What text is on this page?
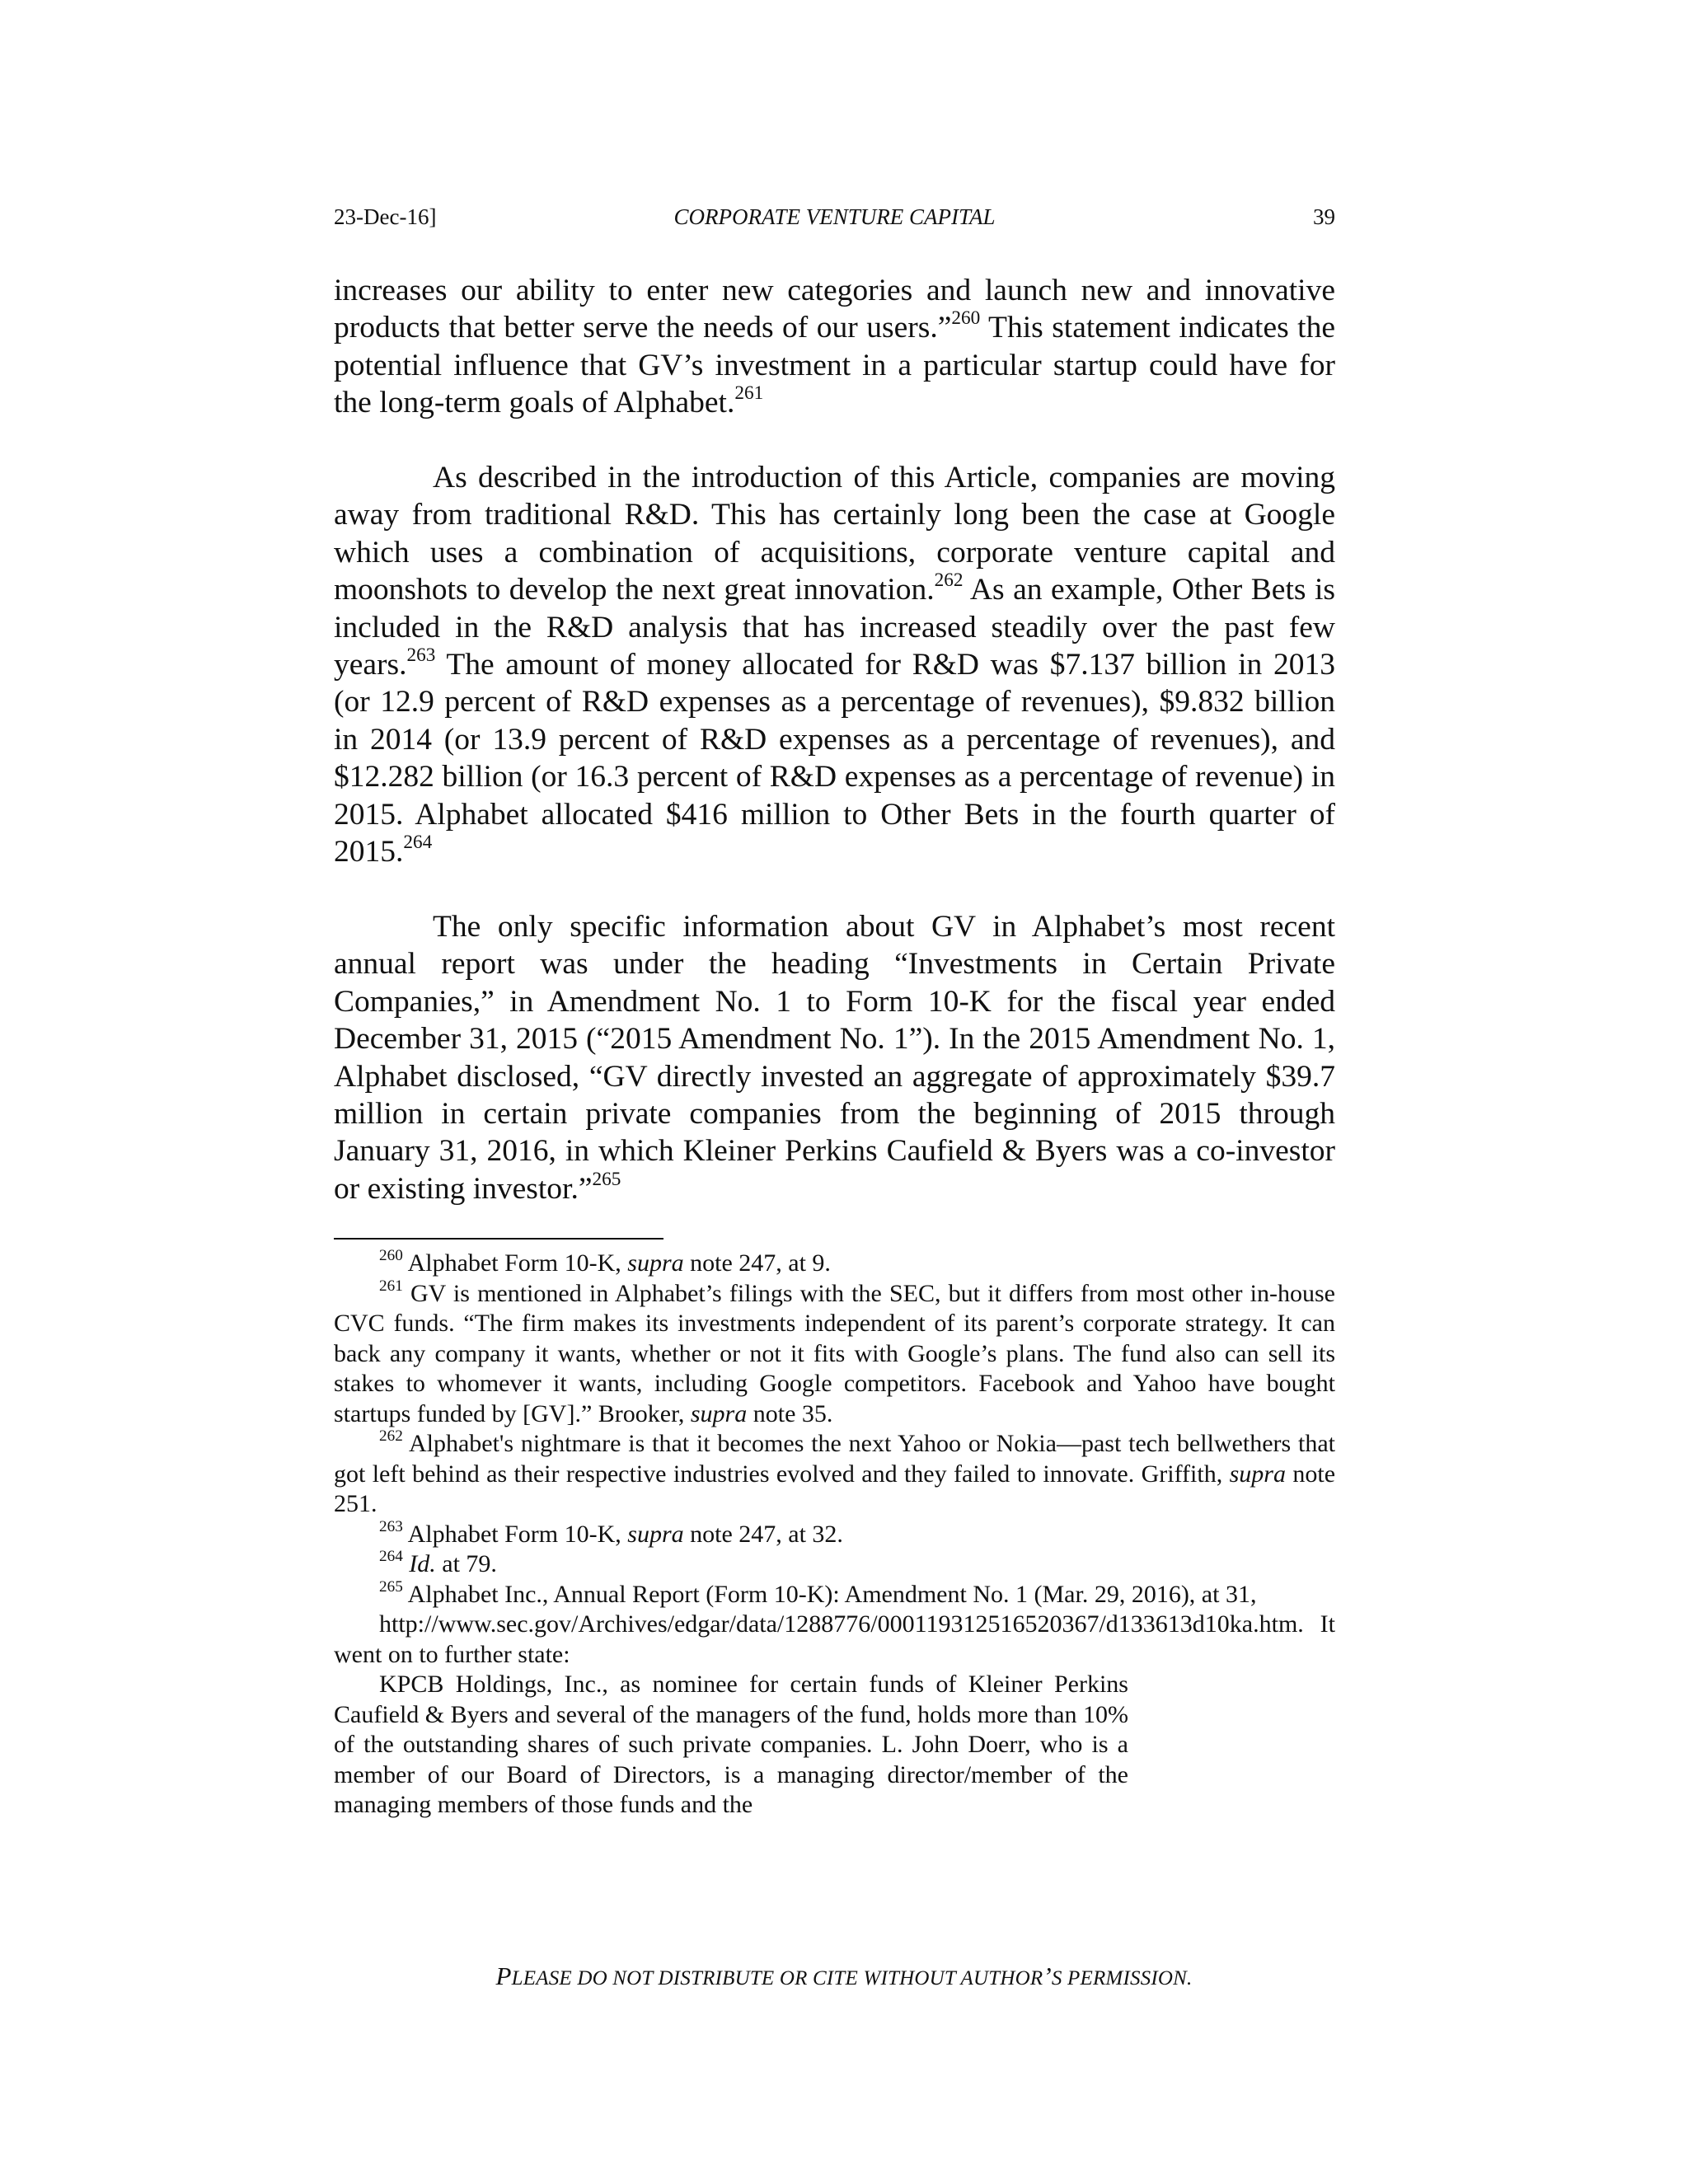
23-Dec-16]	CORPORATE VENTURE CAPITAL	39

increases our ability to enter new categories and launch new and innovative products that better serve the needs of our users.”$^{260}$ This statement indicates the potential influence that GV’s investment in a particular startup could have for the long-term goals of Alphabet.$^{261}$

As described in the introduction of this Article, companies are moving away from traditional R&D. This has certainly long been the case at Google which uses a combination of acquisitions, corporate venture capital and moonshots to develop the next great innovation.$^{262}$ As an example, Other Bets is included in the R&D analysis that has increased steadily over the past few years.$^{263}$ The amount of money allocated for R&D was $7.137 billion in 2013 (or 12.9 percent of R&D expenses as a percentage of revenues), $9.832 billion in 2014 (or 13.9 percent of R&D expenses as a percentage of revenues), and $12.282 billion (or 16.3 percent of R&D expenses as a percentage of revenue) in 2015. Alphabet allocated $416 million to Other Bets in the fourth quarter of 2015.$^{264}$

The only specific information about GV in Alphabet’s most recent annual report was under the heading “Investments in Certain Private Companies,” in Amendment No. 1 to Form 10-K for the fiscal year ended December 31, 2015 (“2015 Amendment No. 1”). In the 2015 Amendment No. 1, Alphabet disclosed, “GV directly invested an aggregate of approximately $39.7 million in certain private companies from the beginning of 2015 through January 31, 2016, in which Kleiner Perkins Caufield & Byers was a co-investor or existing investor.”$^{265}$

$^{260}$ Alphabet Form 10-K, supra note 247, at 9.

$^{261}$ GV is mentioned in Alphabet’s filings with the SEC, but it differs from most other in-house CVC funds. “The firm makes its investments independent of its parent’s corporate strategy. It can back any company it wants, whether or not it fits with Google’s plans. The fund also can sell its stakes to whomever it wants, including Google competitors. Facebook and Yahoo have bought startups funded by [GV].” Brooker, supra note 35.

$^{262}$ Alphabet's nightmare is that it becomes the next Yahoo or Nokia—past tech bellwethers that got left behind as their respective industries evolved and they failed to innovate. Griffith, supra note 251.

$^{263}$ Alphabet Form 10-K, supra note 247, at 32.

$^{264}$ Id. at 79.

$^{265}$ Alphabet Inc., Annual Report (Form 10-K): Amendment No. 1 (Mar. 29, 2016), at 31,

http://www.sec.gov/Archives/edgar/data/1288776/000119312516520367/d133613d10ka.htm. It went on to further state:

KPCB Holdings, Inc., as nominee for certain funds of Kleiner Perkins Caufield & Byers and several of the managers of the fund, holds more than 10% of the outstanding shares of such private companies. L. John Doerr, who is a member of our Board of Directors, is a managing director/member of the managing members of those funds and the

PLEASE DO NOT DISTRIBUTE OR CITE WITHOUT AUTHOR’S PERMISSION.
